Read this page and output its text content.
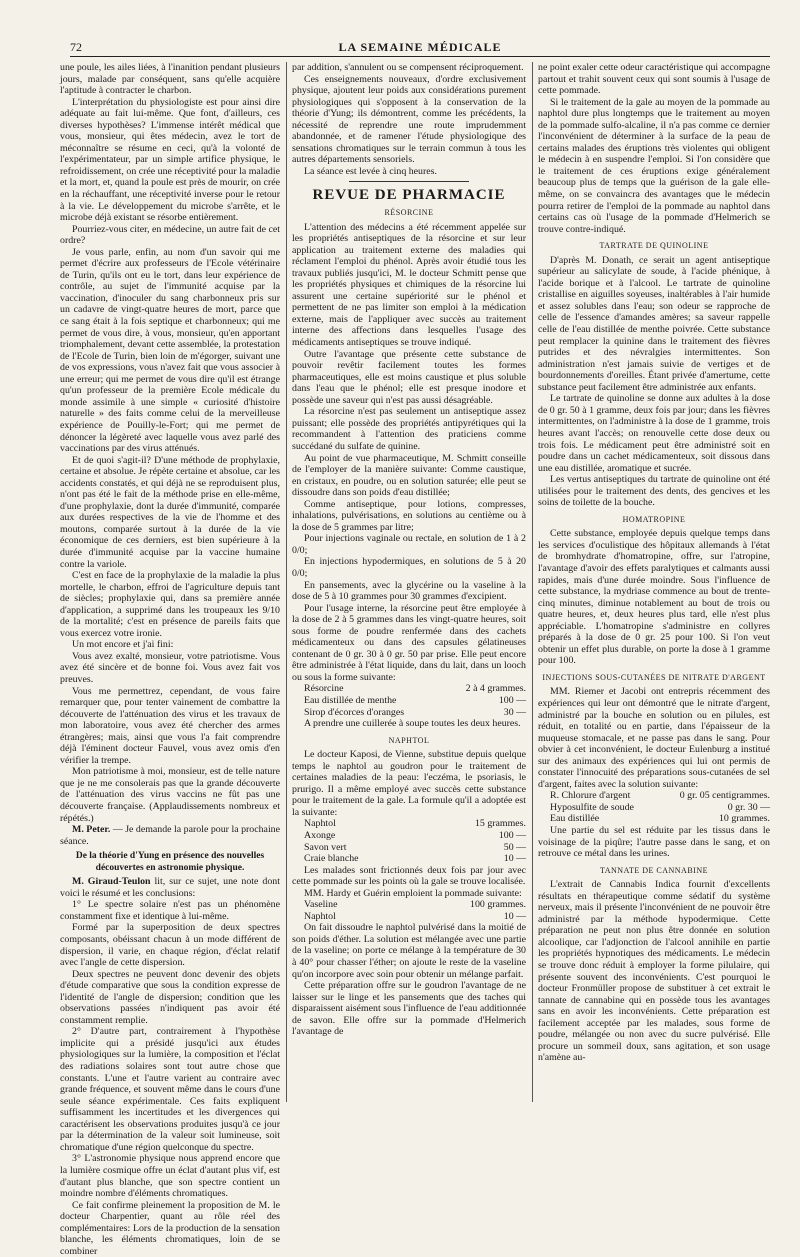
72	LA SEMAINE MÉDICALE

une poule, les ailes liées, à l'inanition pendant plusieurs jours, malade par conséquent, sans qu'elle acquière l'aptitude à contracter le charbon.

L'interprétation du physiologiste est pour ainsi dire adéquate au fait lui-même. Que font, d'ailleurs, ces diverses hypothèses? L'immense intérêt médical que vous, monsieur, qui êtes médecin, avez le tort de méconnaître se résume en ceci, qu'à la volonté de l'expérimentateur, par un simple artifice physique, le refroidissement, on crée une réceptivité pour la maladie et la mort, et, quand la poule est près de mourir, on crée en la réchauffant, une réceptivité inverse pour le retour à la vie. Le développement du microbe s'arrête, et le microbe déjà existant se résorbe entièrement.

Pourriez-vous citer, en médecine, un autre fait de cet ordre?

Je vous parle, enfin, au nom d'un savoir qui me permet d'écrire aux professeurs de l'Ecole vétérinaire de Turin, qu'ils ont eu le tort, dans leur expérience de contrôle, au sujet de l'immunité acquise par la vaccination, d'inoculer du sang charbonneux pris sur un cadavre de vingt-quatre heures de mort, parce que ce sang était à la fois septique et charbonneux; qui me permet de vous dire, à vous, monsieur, qu'en apportant triomphalement, devant cette assemblée, la protestation de l'Ecole de Turin, bien loin de m'égorger, suivant une de vos expressions, vous n'avez fait que vous associer à une erreur; qui me permet de vous dire qu'il est étrange qu'un professeur de la première Ecole médicale du monde assimile à une simple « curiosité d'histoire naturelle » des faits comme celui de la merveilleuse expérience de Pouilly-le-Fort; qui me permet de dénoncer la légèreté avec laquelle vous avez parlé des vaccinations par des virus atténués.

Et de quoi s'agit-il? D'une méthode de prophylaxie, certaine et absolue. Je répète certaine et absolue, car les accidents constatés, et qui déjà ne se reproduisent plus, n'ont pas été le fait de la méthode prise en elle-même, d'une prophylaxie, dont la durée d'immunité, comparée aux durées respectives de la vie de l'homme et des moutons, comparée surtout à la durée de la vie économique de ces derniers, est bien supérieure à la durée d'immunité acquise par la vaccine humaine contre la variole.

C'est en face de la prophylaxie de la maladie la plus mortelle, le charbon, effroi de l'agriculture depuis tant de siècles; prophylaxie qui, dans sa première année d'application, a supprimé dans les troupeaux les 9/10 de la mortalité; c'est en présence de pareils faits que vous exercez votre ironie.

Un mot encore et j'ai fini:

Vous avez exalté, monsieur, votre patriotisme. Vous avez été sincère et de bonne foi. Vous avez fait vos preuves.

Vous me permettrez, cependant, de vous faire remarquer que, pour tenter vainement de combattre la découverte de l'atténuation des virus et les travaux de mon laboratoire, vous avez été chercher des armes étrangères; mais, ainsi que vous l'a fait comprendre déjà l'éminent docteur Fauvel, vous avez omis d'en vérifier la trempe.

Mon patriotisme à moi, monsieur, est de telle nature que je ne me consolerais pas que la grande découverte de l'atténuation des virus vaccins ne fût pas une découverte française. (Applaudissements nombreux et répétés.)

M. Peter. — Je demande la parole pour la prochaine séance.

De la théorie d'Yung en présence des nouvelles découvertes en astronomie physique.

M. Giraud-Teulon lit, sur ce sujet, une note dont voici le résumé et les conclusions:

1° Le spectre solaire n'est pas un phénomène constamment fixe et identique à lui-même.

Formé par la superposition de deux spectres composants, obéissant chacun à un mode différent de dispersion, il varie, en chaque région, d'éclat relatif avec l'angle de cette dispersion.

Deux spectres ne peuvent donc devenir des objets d'étude comparative que sous la condition expresse de l'identité de l'angle de dispersion; condition que les observations passées n'indiquent pas avoir été constamment remplie.

2° D'autre part, contrairement à l'hypothèse implicite qui a présidé jusqu'ici aux études physiologiques sur la lumière, la composition et l'éclat des radiations solaires sont tout autre chose que constants. L'une et l'autre varient au contraire avec grande fréquence, et souvent même dans le cours d'une seule séance expérimentale. Ces faits expliquent suffisamment les incertitudes et les divergences qui caractérisent les observations produites jusqu'à ce jour par la détermination de la valeur soit lumineuse, soit chromatique d'une région quelconque du spectre.

3° L'astronomie physique nous apprend encore que la lumière cosmique offre un éclat d'autant plus vif, est d'autant plus blanche, que son spectre contient un moindre nombre d'éléments chromatiques.

Ce fait confirme pleinement la proposition de M. le docteur Charpentier, quant au rôle réel des complémentaires: Lors de la production de la sensation blanche, les éléments chromatiques, loin de se combiner

par addition, s'annulent ou se compensent réciproquement.

Ces enseignements nouveaux, d'ordre exclusivement physique, ajoutent leur poids aux considérations purement physiologiques qui s'opposent à la conservation de la théorie d'Yung; ils démontrent, comme les précédents, la nécessité de reprendre une route imprudemment abandonnée, et de ramener l'étude physiologique des sensations chromatiques sur le terrain commun à tous les autres départements sensoriels.

La séance est levée à cinq heures.

REVUE DE PHARMACIE
RÉSORCINE

L'attention des médecins a été récemment appelée sur les propriétés antiseptiques de la résorcine et sur leur application au traitement externe des maladies qui réclament l'emploi du phénol. Après avoir étudié tous les travaux publiés jusqu'ici, M. le docteur Schmitt pense que les propriétés physiques et chimiques de la résorcine lui assurent une certaine supériorité sur le phénol et permettent de ne pas limiter son emploi à la médication externe, mais de l'appliquer avec succès au traitement interne des affections dans lesquelles l'usage des médicaments antiseptiques se trouve indiqué.

Outre l'avantage que présente cette substance de pouvoir revêtir facilement toutes les formes pharmaceutiques, elle est moins caustique et plus soluble dans l'eau que le phénol; elle est presque inodore et possède une saveur qui n'est pas aussi désagréable.

La résorcine n'est pas seulement un antiseptique assez puissant; elle possède des propriétés antipyrétiques qui la recommandent à l'attention des praticiens comme succédané du sulfate de quinine.

Au point de vue pharmaceutique, M. Schmitt conseille de l'employer de la manière suivante: Comme caustique, en cristaux, en poudre, ou en solution saturée; elle peut se dissoudre dans son poids d'eau distillée;

Comme antiseptique, pour lotions, compresses, inhalations, pulvérisations, en solutions au centième ou à la dose de 5 grammes par litre;

Pour injections vaginale ou rectale, en solution de 1 à 2 0/0;

En injections hypodermiques, en solutions de 5 à 20 0/0;

En pansements, avec la glycérine ou la vaseline à la dose de 5 à 10 grammes pour 30 grammes d'excipient.

Pour l'usage interne, la résorcine peut être employée à la dose de 2 à 5 grammes dans les vingt-quatre heures, soit sous forme de poudre renfermée dans des cachets médicamenteux ou dans des capsules gélatineuses contenant de 0 gr. 30 à 0 gr. 50 par prise. Elle peut encore être administrée à l'état liquide, dans du lait, dans un looch ou sous la forme suivante:

Résorcine	2 à 4 grammes.
Eau distillée de menthe	100 —
Sirop d'écorces d'oranges	30 —

A prendre une cuillerée à soupe toutes les deux heures.

NAPHTOL

Le docteur Kaposi, de Vienne, substitue depuis quelque temps le naphtol au goudron pour le traitement de certaines maladies de la peau: l'eczéma, le psoriasis, le prurigo. Il a même employé avec succès cette substance pour le traitement de la gale. La formule qu'il a adoptée est la suivante:

Naphtol	15 grammes.
Axonge	100 —
Savon vert	50 —
Craie blanche	10 —

Les malades sont frictionnés deux fois par jour avec cette pommade sur les points où la gale se trouve localisée.

MM. Hardy et Guérin emploient la pommade suivante:

Vaseline	100 grammes.
Naphtol	10 —

On fait dissoudre le naphtol pulvérisé dans la moitié de son poids d'éther. La solution est mélangée avec une partie de la vaseline; on porte ce mélange à la température de 30 à 40° pour chasser l'éther; on ajoute le reste de la vaseline qu'on incorpore avec soin pour obtenir un mélange parfait.

Cette préparation offre sur le goudron l'avantage de ne laisser sur le linge et les pansements que des taches qui disparaissent aisément sous l'influence de l'eau additionnée de savon. Elle offre sur la pommade d'Helmerich l'avantage de

ne point exaler cette odeur caractéristique qui accompagne partout et trahit souvent ceux qui sont soumis à l'usage de cette pommade.

Si le traitement de la gale au moyen de la pommade au naphtol dure plus longtemps que le traitement au moyen de la pommade sulfo-alcaline, il n'a pas comme ce dernier l'inconvénient de déterminer à la surface de la peau de certains malades des éruptions très violentes qui obligent le médecin à en suspendre l'emploi. Si l'on considère que le traitement de ces éruptions exige généralement beaucoup plus de temps que la guérison de la gale elle-même, on se convaincra des avantages que le médecin pourra retirer de l'emploi de la pommade au naphtol dans certains cas où l'usage de la pommade d'Helmerich se trouve contre-indiqué.

TARTRATE DE QUINOLINE

D'après M. Donath, ce serait un agent antiseptique supérieur au salicylate de soude, à l'acide phénique, à l'acide borique et à l'alcool. Le tartrate de quinoline cristallise en aiguilles soyeuses, inaltérables à l'air humide et assez solubles dans l'eau; son odeur se rapproche de celle de l'essence d'amandes amères; sa saveur rappelle celle de l'eau distillée de menthe poivrée. Cette substance peut remplacer la quinine dans le traitement des fièvres putrides et des névralgies intermittentes. Son administration n'est jamais suivie de vertiges et de bourdonnements d'oreilles. Étant privée d'amertume, cette substance peut facilement être administrée aux enfants.

Le tartrate de quinoline se donne aux adultes à la dose de 0 gr. 50 à 1 gramme, deux fois par jour; dans les fièvres intermittentes, on l'administre à la dose de 1 gramme, trois heures avant l'accès; on renouvelle cette dose deux ou trois fois. Le médicament peut être administré soit en poudre dans un cachet médicamenteux, soit dissous dans une eau distillée, aromatique et sucrée.

Les vertus antiseptiques du tartrate de quinoline ont été utilisées pour le traitement des dents, des gencives et les soins de toilette de la bouche.

HOMATROPINE

Cette substance, employée depuis quelque temps dans les services d'oculistique des hôpitaux allemands à l'état de bromhydrate d'homatropine, offre, sur l'atropine, l'avantage d'avoir des effets paralytiques et calmants aussi rapides, mais d'une durée moindre. Sous l'influence de cette substance, la mydriase commence au bout de trente-cinq minutes, diminue notablement au bout de trois ou quatre heures, et, deux heures plus tard, elle n'est plus appréciable. L'homatropine s'administre en collyres préparés à la dose de 0 gr. 25 pour 100. Si l'on veut obtenir un effet plus durable, on porte la dose à 1 gramme pour 100.

INJECTIONS SOUS-CUTANÉES DE NITRATE D'ARGENT

MM. Riemer et Jacobi ont entrepris récemment des expériences qui leur ont démontré que le nitrate d'argent, administré par la bouche en solution ou en pilules, est réduit, en totalité ou en partie, dans l'épaisseur de la muqueuse stomacale, et ne passe pas dans le sang. Pour obvier à cet inconvénient, le docteur Eulenburg a institué sur des animaux des expériences qui lui ont permis de constater l'innocuité des préparations sous-cutanées de sel d'argent, faites avec la solution suivante:

R. Chlorure d'argent	0 gr. 05 centigrammes.
Hyposulfite de soude	0 gr. 30 —
Eau distillée	10 grammes.

Une partie du sel est réduite par les tissus dans le voisinage de la piqûre; l'autre passe dans le sang, et on retrouve ce métal dans les urines.

TANNATE DE CANNABINE

L'extrait de Cannabis Indica fournit d'excellents résultats en thérapeutique comme sédatif du système nerveux, mais il présente l'inconvénient de ne pouvoir être administré par la méthode hypodermique. Cette préparation ne peut non plus être donnée en solution alcoolique, car l'adjonction de l'alcool annihile en partie les propriétés hypnotiques des médicaments. Le médecin se trouve donc réduit à employer la forme pilulaire, qui présente souvent des inconvénients. C'est pourquoi le docteur Fronmüller propose de substituer à cet extrait le tannate de cannabine qui en possède tous les avantages sans en avoir les inconvénients. Cette préparation est facilement acceptée par les malades, sous forme de poudre, mélangée ou non avec du sucre pulvérisé. Elle procure un sommeil doux, sans agitation, et son usage n'amène au-
